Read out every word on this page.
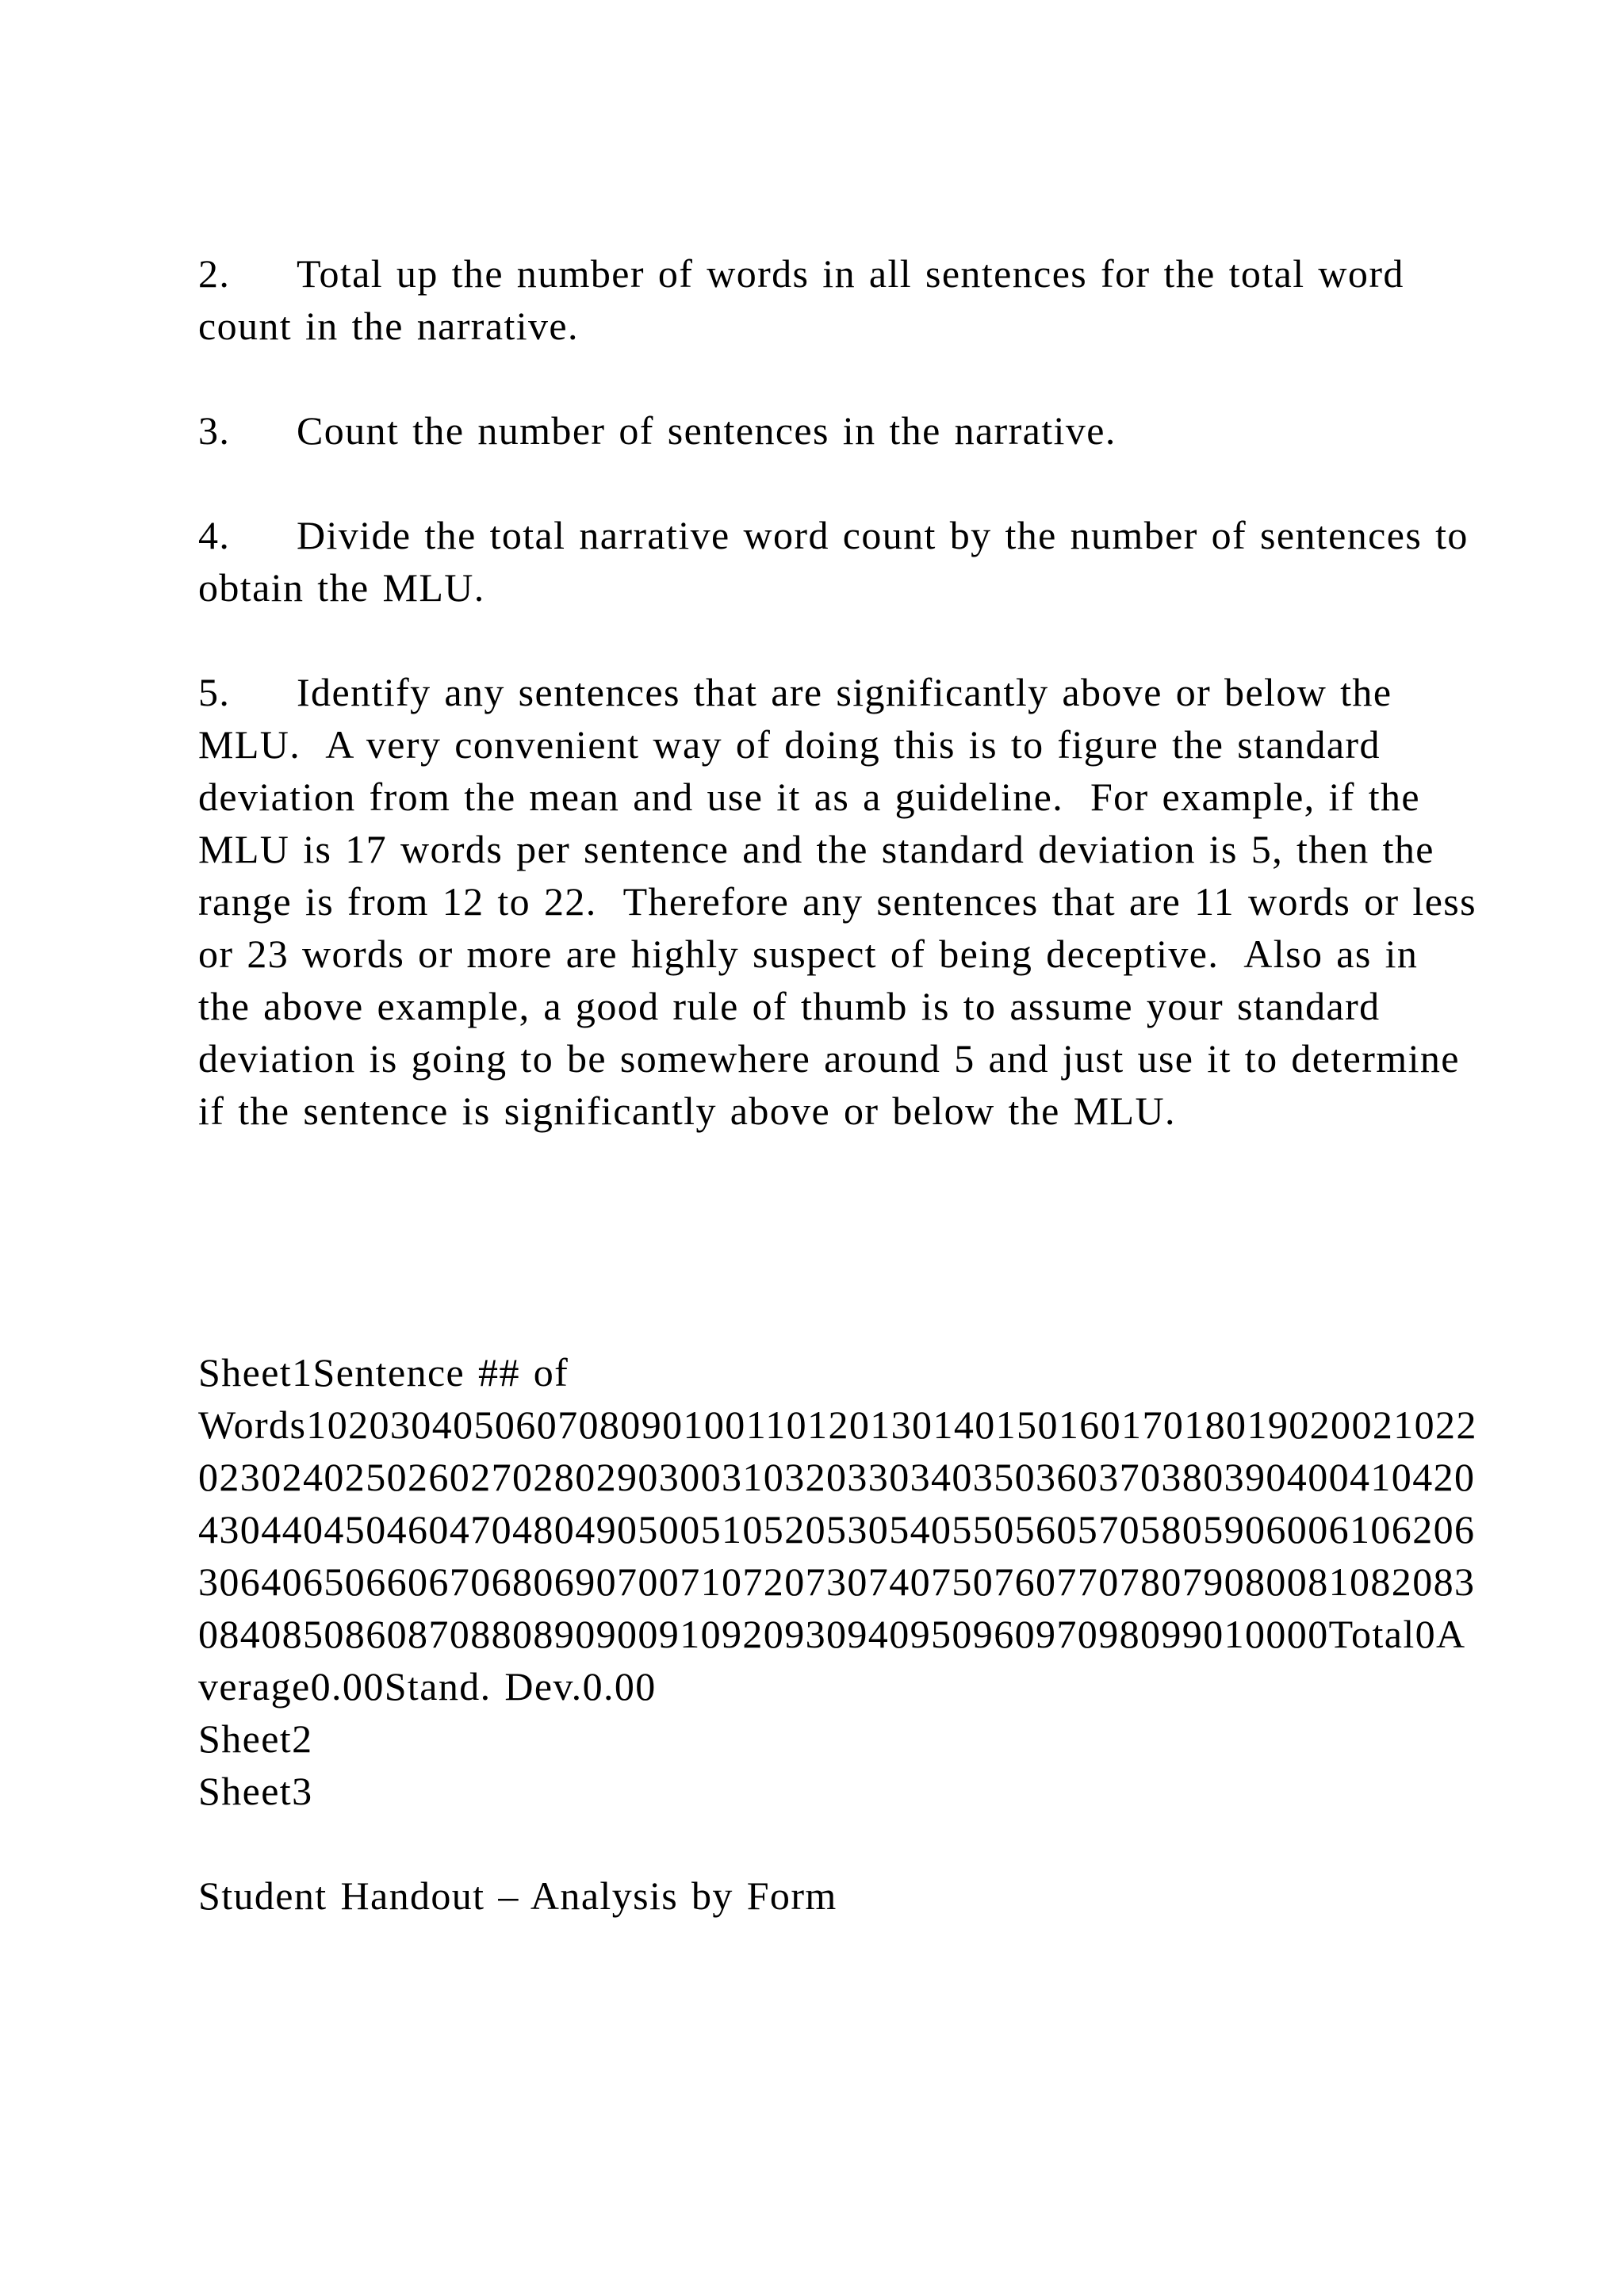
2. Total up the number of words in all sentences for the total word count in the narrative.

3. Count the number of sentences in the narrative.

4. Divide the total narrative word count by the number of sentences to obtain the MLU.

5. Identify any sentences that are significantly above or below the MLU.  A very convenient way of doing this is to figure the standard deviation from the mean and use it as a guideline.  For example, if the MLU is 17 words per sentence and the standard deviation is 5, then the range is from 12 to 22.  Therefore any sentences that are 11 words or less or 23 words or more are highly suspect of being deceptive.  Also as in the above example, a good rule of thumb is to assume your standard deviation is going to be somewhere around 5 and just use it to determine if the sentence is significantly above or below the MLU.

Sheet1Sentence ## of

Words10203040506070809010011012013014015016017018019020021022023024025026027028029030031032033034035036037038039040041042043044045046047048049050051052053054055056057058059060061062063064065066067068069070071072073074075076077078079080081082083084085086087088089090091092093094095096097098099010000Total0Average0.00Stand. Dev.0.00

Sheet2

Sheet3

Student Handout – Analysis by Form
